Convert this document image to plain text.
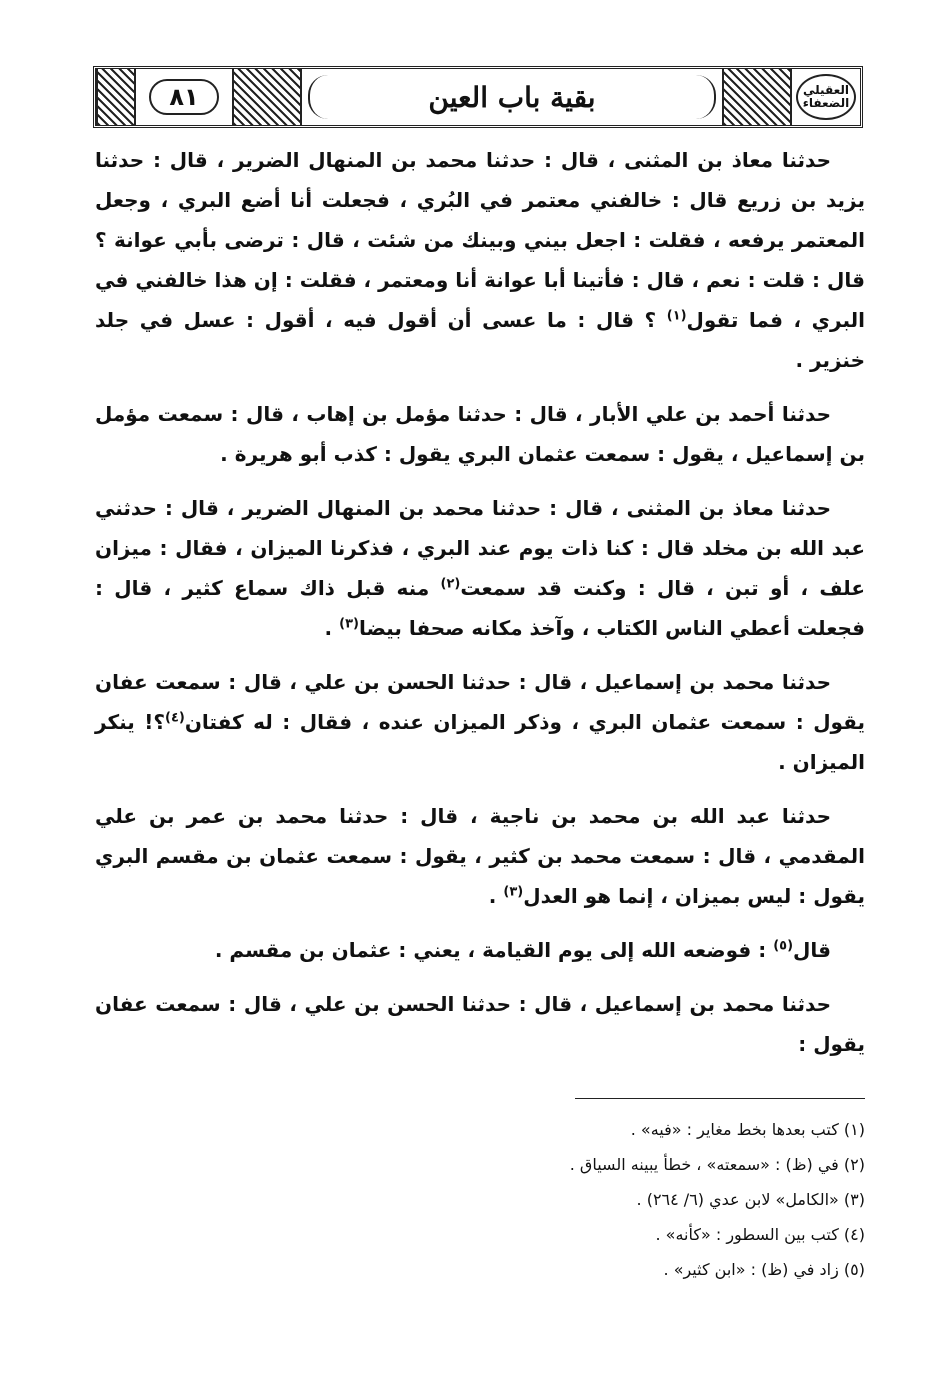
٨١	بقية باب العين	العقيلي الضعفاء

حدثنا معاذ بن المثنى ، قال : حدثنا محمد بن المنهال الضرير ، قال : حدثنا يزيد بن زريع قال : خالفني معتمر في البُري ، فجعلت أنا أضع البري ، وجعل المعتمر يرفعه ، فقلت : اجعل بيني وبينك من شئت ، قال : ترضى بأبي عوانة ؟ قال : قلت : نعم ، قال : فأتينا أبا عوانة أنا ومعتمر ، فقلت : إن هذا خالفني في البري ، فما تقول$^{(١)}$ ؟ قال : ما عسى أن أقول فيه ، أقول : عسل في جلد خنزير .

حدثنا أحمد بن علي الأبار ، قال : حدثنا مؤمل بن إهاب ، قال : سمعت مؤمل بن إسماعيل ، يقول : سمعت عثمان البري يقول : كذب أبو هريرة .

حدثنا معاذ بن المثنى ، قال : حدثنا محمد بن المنهال الضرير ، قال : حدثني عبد الله بن مخلد قال : كنا ذات يوم عند البري ، فذكرنا الميزان ، فقال : ميزان علف ، أو تبن ، قال : وكنت قد سمعت$^{(٢)}$ منه قبل ذاك سماع كثير ، قال : فجعلت أعطي الناس الكتاب ، وآخذ مكانه صحفا بيضا$^{(٣)}$ .

حدثنا محمد بن إسماعيل ، قال : حدثنا الحسن بن علي ، قال : سمعت عفان يقول : سمعت عثمان البري ، وذكر الميزان عنده ، فقال : له كفتان$^{(٤)}$؟! ينكر الميزان .

حدثنا عبد الله بن محمد بن ناجية ، قال : حدثنا محمد بن عمر بن علي المقدمي ، قال : سمعت محمد بن كثير ، يقول : سمعت عثمان بن مقسم البري يقول : ليس بميزان ، إنما هو العدل$^{(٣)}$ .

قال$^{(٥)}$ : فوضعه الله إلى يوم القيامة ، يعني : عثمان بن مقسم .

حدثنا محمد بن إسماعيل ، قال : حدثنا الحسن بن علي ، قال : سمعت عفان يقول :

(١) كتب بعدها بخط مغاير : «فيه» .
(٢) في (ظ) : «سمعته» ، خطأ يبينه السياق .
(٣) «الكامل» لابن عدي (٦/ ٢٦٤) .
(٤) كتب بين السطور : «كأنه» .
(٥) زاد في (ظ) : «ابن كثير» .
